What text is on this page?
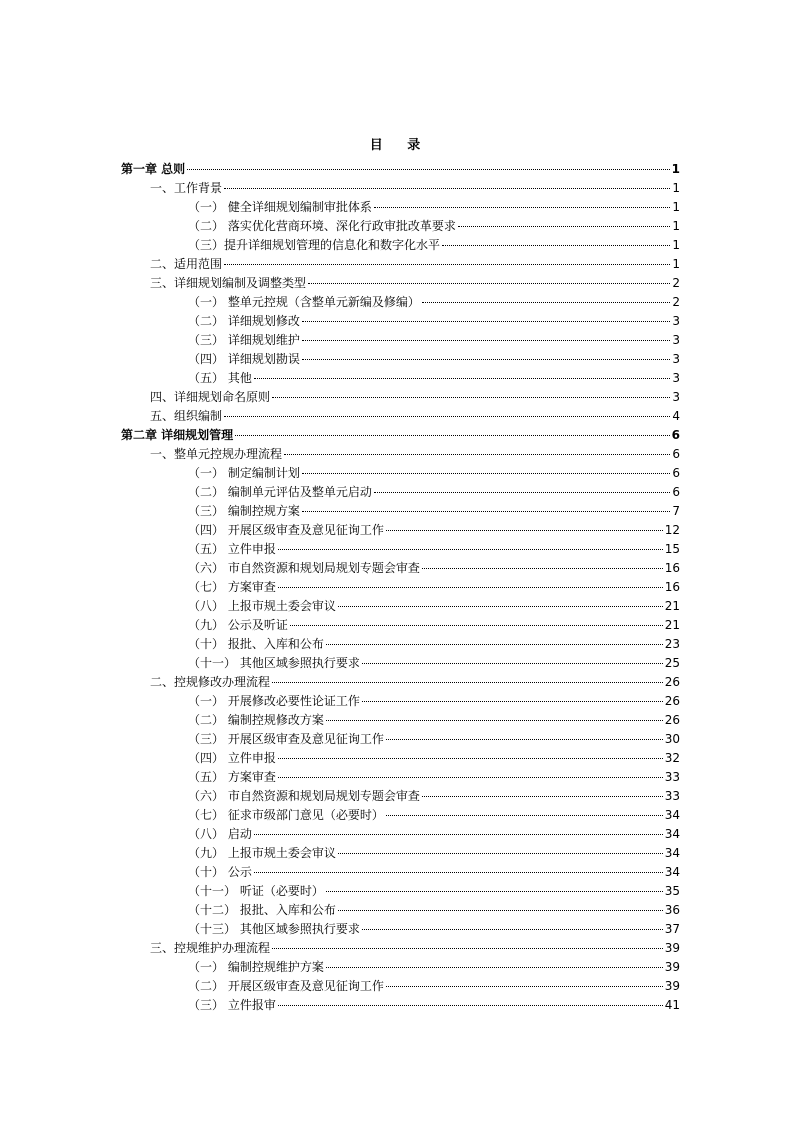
目 录
第一章 总则	1
一、工作背景	1
（一） 健全详细规划编制审批体系	1
（二） 落实优化营商环境、深化行政审批改革要求	1
（三）提升详细规划管理的信息化和数字化水平	1
二、适用范围	1
三、详细规划编制及调整类型	2
（一） 整单元控规（含整单元新编及修编）	2
（二） 详细规划修改	3
（三） 详细规划维护	3
（四） 详细规划勘误	3
（五） 其他	3
四、详细规划命名原则	3
五、组织编制	4
第二章 详细规划管理	6
一、整单元控规办理流程	6
（一） 制定编制计划	6
（二） 编制单元评估及整单元启动	6
（三） 编制控规方案	7
（四） 开展区级审查及意见征询工作	12
（五） 立件申报	15
（六） 市自然资源和规划局规划专题会审查	16
（七） 方案审查	16
（八） 上报市规土委会审议	21
（九） 公示及听证	21
（十） 报批、入库和公布	23
（十一） 其他区域参照执行要求	25
二、控规修改办理流程	26
（一） 开展修改必要性论证工作	26
（二） 编制控规修改方案	26
（三） 开展区级审查及意见征询工作	30
（四） 立件申报	32
（五） 方案审查	33
（六） 市自然资源和规划局规划专题会审查	33
（七） 征求市级部门意见（必要时）	34
（八） 启动	34
（九） 上报市规土委会审议	34
（十） 公示	34
（十一） 听证（必要时）	35
（十二） 报批、入库和公布	36
（十三） 其他区域参照执行要求	37
三、控规维护办理流程	39
（一） 编制控规维护方案	39
（二） 开展区级审查及意见征询工作	39
（三） 立件报审	41
